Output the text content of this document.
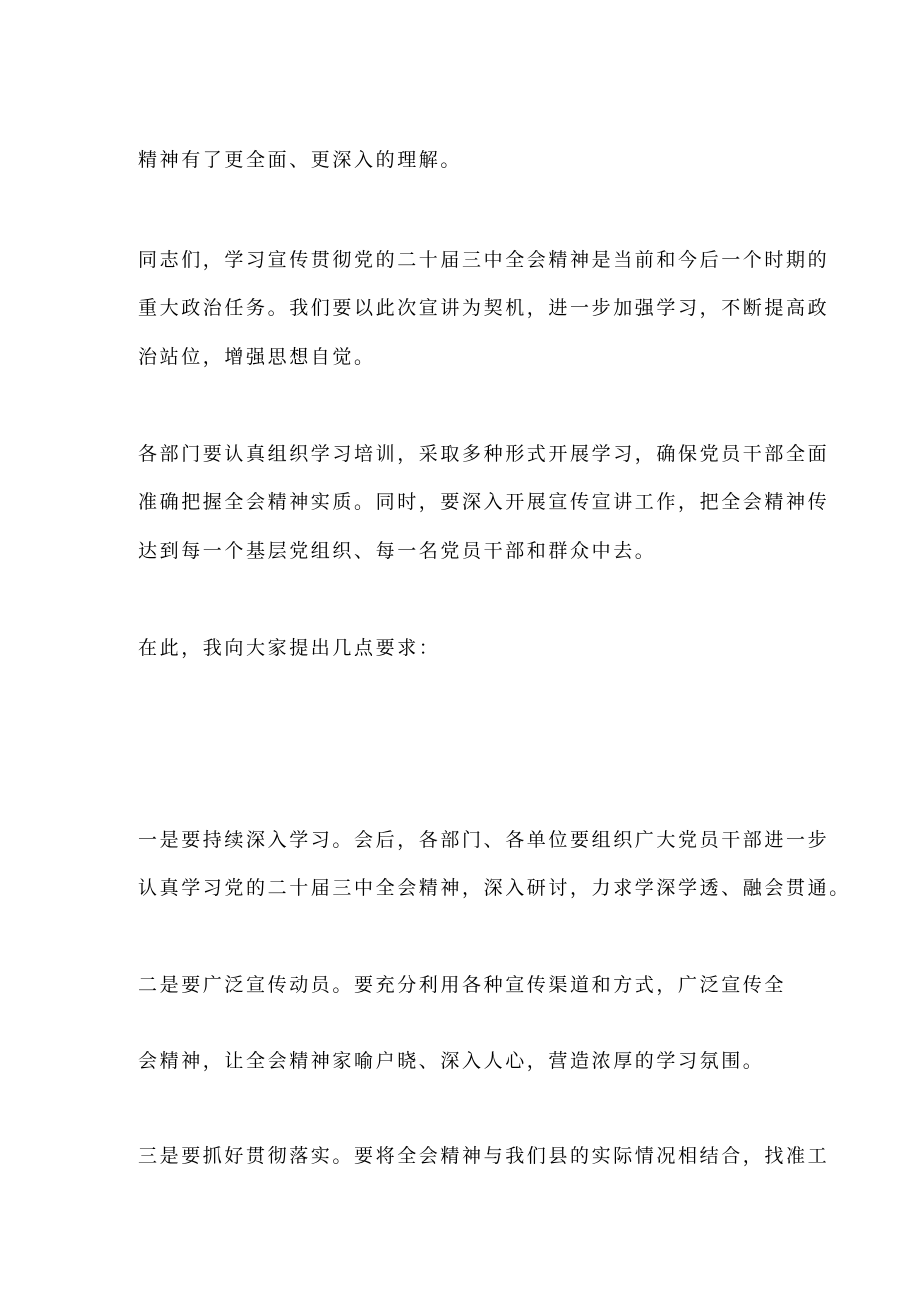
精神有了更全面、更深入的理解。

同志们，学习宣传贯彻党的二十届三中全会精神是当前和今后一个时期的

重大政治任务。我们要以此次宣讲为契机，进一步加强学习，不断提高政

治站位，增强思想自觉。

各部门要认真组织学习培训，采取多种形式开展学习，确保党员干部全面

准确把握全会精神实质。同时，要深入开展宣传宣讲工作，把全会精神传

达到每一个基层党组织、每一名党员干部和群众中去。

在此，我向大家提出几点要求：

一是要持续深入学习。会后，各部门、各单位要组织广大党员干部进一步

认真学习党的二十届三中全会精神，深入研讨，力求学深学透、融会贯通。

二是要广泛宣传动员。要充分利用各种宣传渠道和方式，广泛宣传全

会精神，让全会精神家喻户晓、深入人心，营造浓厚的学习氛围。

三是要抓好贯彻落实。要将全会精神与我们县的实际情况相结合，找准工
